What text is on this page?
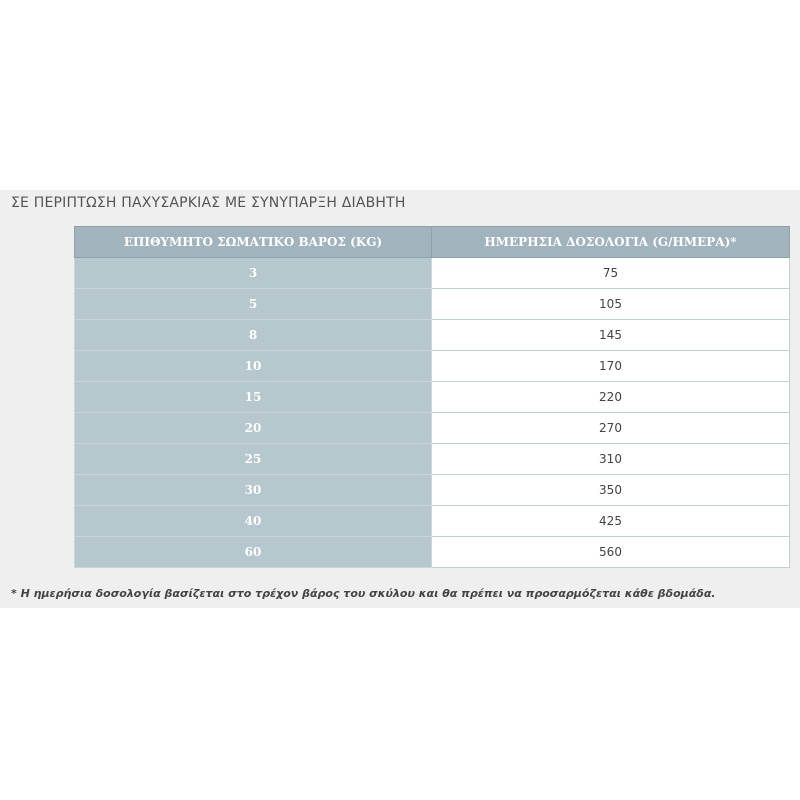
ΣΕ ΠΕΡΙΠΤΩΣΗ ΠΑΧΥΣΑΡΚΙΑΣ ΜΕ ΣΥΝΥΠΑΡΞΗ ΔΙΑΒΗΤΗ
ΕΠΙΘΥΜΗΤΟ ΣΩΜΑΤΙΚΟ ΒΑΡΟΣ (KG)	ΗΜΕΡΗΣΙΑ ΔΟΣΟΛΟΓΙΑ (G/ΗΜΕΡΑ)*
3	75
5	105
8	145
10	170
15	220
20	270
25	310
30	350
40	425
60	560
* Η ημερήσια δοσολογία βασίζεται στο τρέχον βάρος του σκύλου και θα πρέπει να προσαρμόζεται κάθε βδομάδα.
